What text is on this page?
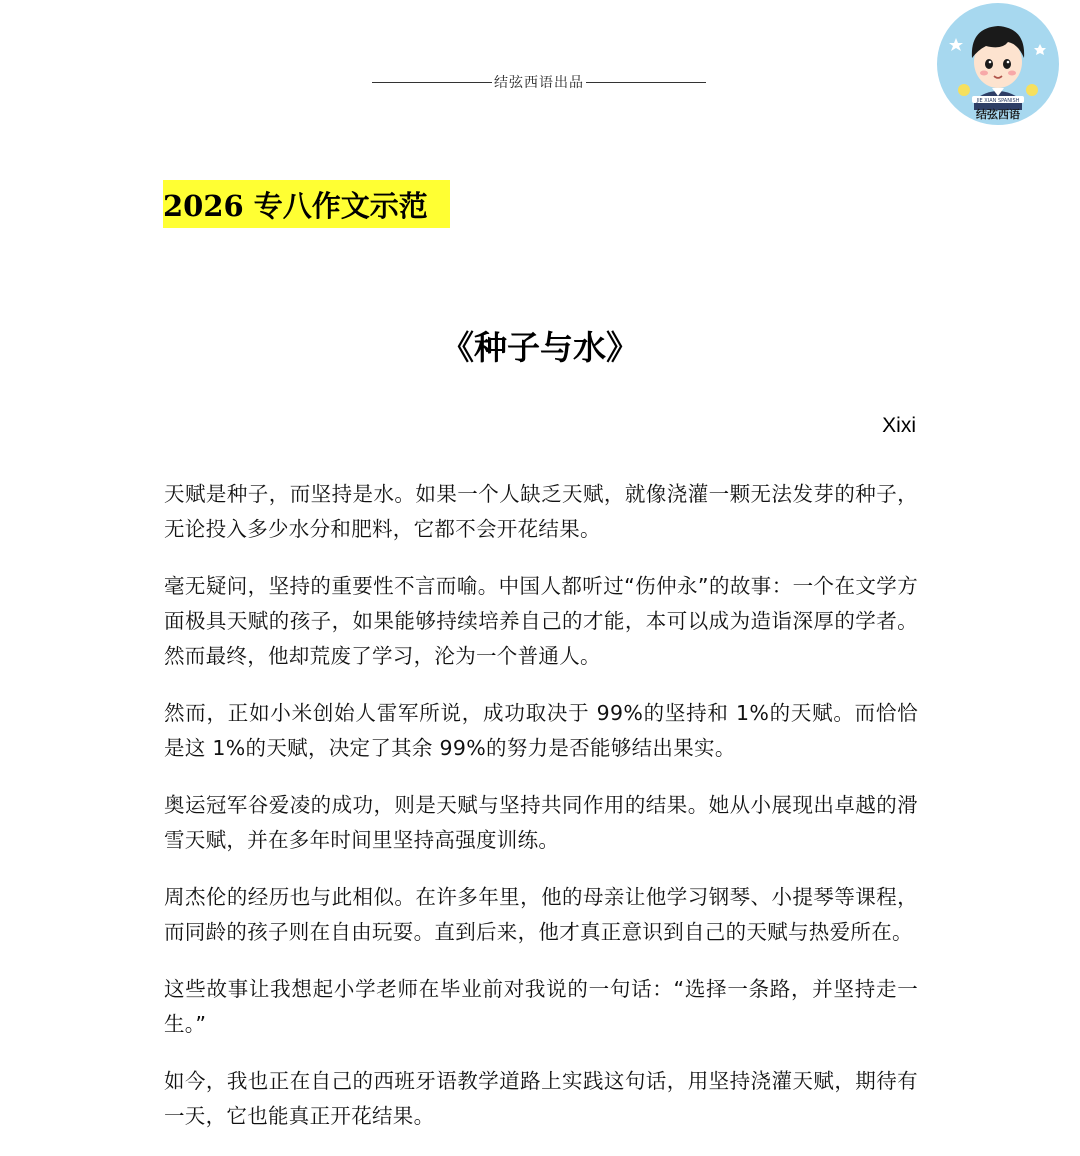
结弦西语出品
JIE XIAN SPANISH
结弦西语
2026 专八作文示范
《种子与水》
Xixi

天赋是种子，而坚持是水。如果一个人缺乏天赋，就像浇灌一颗无法发芽的种子，无论投入多少水分和肥料，它都不会开花结果。

毫无疑问，坚持的重要性不言而喻。中国人都听过“伤仲永”的故事：一个在文学方面极具天赋的孩子，如果能够持续培养自己的才能，本可以成为造诣深厚的学者。然而最终，他却荒废了学习，沦为一个普通人。

然而，正如小米创始人雷军所说，成功取决于 99%的坚持和 1%的天赋。而恰恰是这 1%的天赋，决定了其余 99%的努力是否能够结出果实。

奥运冠军谷爱凌的成功，则是天赋与坚持共同作用的结果。她从小展现出卓越的滑雪天赋，并在多年时间里坚持高强度训练。

周杰伦的经历也与此相似。在许多年里，他的母亲让他学习钢琴、小提琴等课程，而同龄的孩子则在自由玩耍。直到后来，他才真正意识到自己的天赋与热爱所在。

这些故事让我想起小学老师在毕业前对我说的一句话：“选择一条路，并坚持走一生。”

如今，我也正在自己的西班牙语教学道路上实践这句话，用坚持浇灌天赋，期待有一天，它也能真正开花结果。
